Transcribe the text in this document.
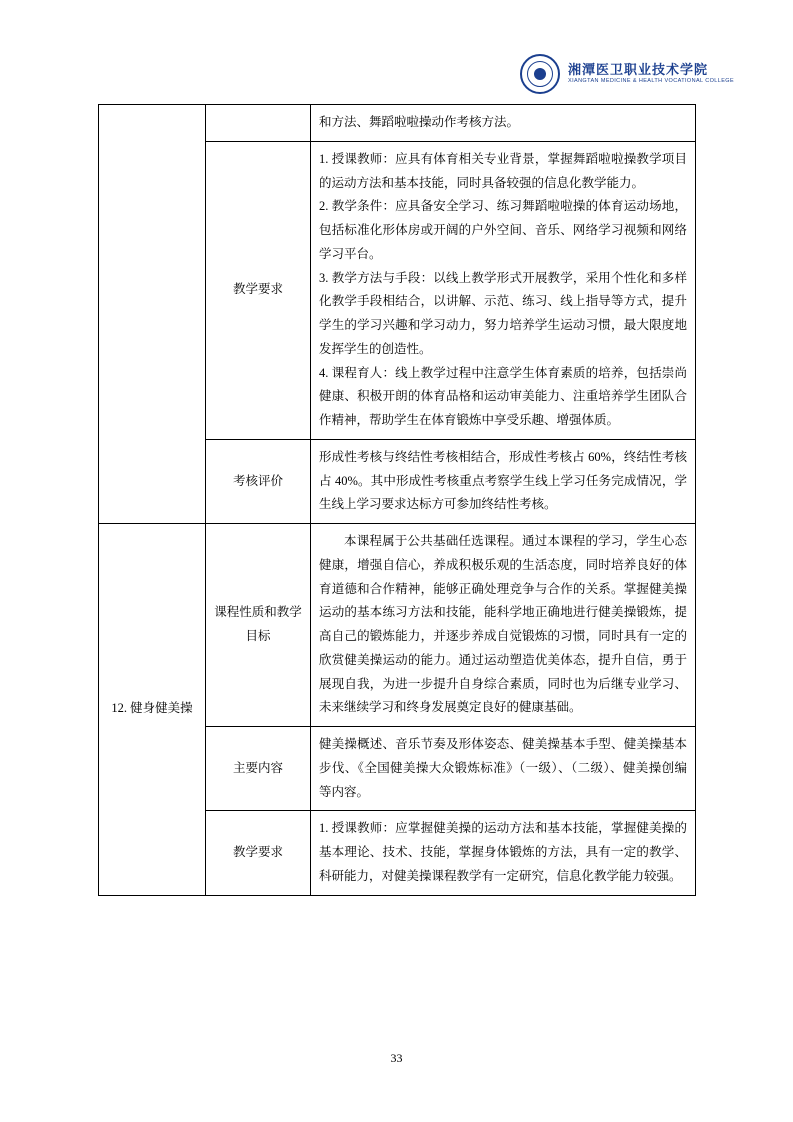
湘潭医卫职业技术学院
XIANGTAN MEDICINE & HEALTH VOCATIONAL COLLEGE

		和方法、舞蹈啦啦操动作考核方法。

	教学要求	1. 授课教师：应具有体育相关专业背景，掌握舞蹈啦啦操教学项目的运动方法和基本技能，同时具备较强的信息化教学能力。

2. 教学条件：应具备安全学习、练习舞蹈啦啦操的体育运动场地，包括标准化形体房或开阔的户外空间、音乐、网络学习视频和网络学习平台。

3. 教学方法与手段：以线上教学形式开展教学，采用个性化和多样化教学手段相结合，以讲解、示范、练习、线上指导等方式，提升学生的学习兴趣和学习动力，努力培养学生运动习惯，最大限度地发挥学生的创造性。

4. 课程育人：线上教学过程中注意学生体育素质的培养，包括崇尚健康、积极开朗的体育品格和运动审美能力、注重培养学生团队合作精神，帮助学生在体育锻炼中享受乐趣、增强体质。

	考核评价	形成性考核与终结性考核相结合，形成性考核占 60%，终结性考核占 40%。其中形成性考核重点考察学生线上学习任务完成情况，学生线上学习要求达标方可参加终结性考核。

12. 健身健美操	课程性质和教学目标	本课程属于公共基础任选课程。通过本课程的学习，学生心态健康，增强自信心，养成积极乐观的生活态度，同时培养良好的体育道德和合作精神，能够正确处理竞争与合作的关系。掌握健美操运动的基本练习方法和技能，能科学地正确地进行健美操锻炼，提高自己的锻炼能力，并逐步养成自觉锻炼的习惯，同时具有一定的欣赏健美操运动的能力。通过运动塑造优美体态，提升自信，勇于展现自我，为进一步提升自身综合素质，同时也为后继专业学习、未来继续学习和终身发展奠定良好的健康基础。

	主要内容	健美操概述、音乐节奏及形体姿态、健美操基本手型、健美操基本步伐、《全国健美操大众锻炼标准》（一级）、（二级）、健美操创编等内容。

	教学要求	1. 授课教师：应掌握健美操的运动方法和基本技能，掌握健美操的基本理论、技术、技能，掌握身体锻炼的方法，具有一定的教学、科研能力，对健美操课程教学有一定研究，信息化教学能力较强。

33
